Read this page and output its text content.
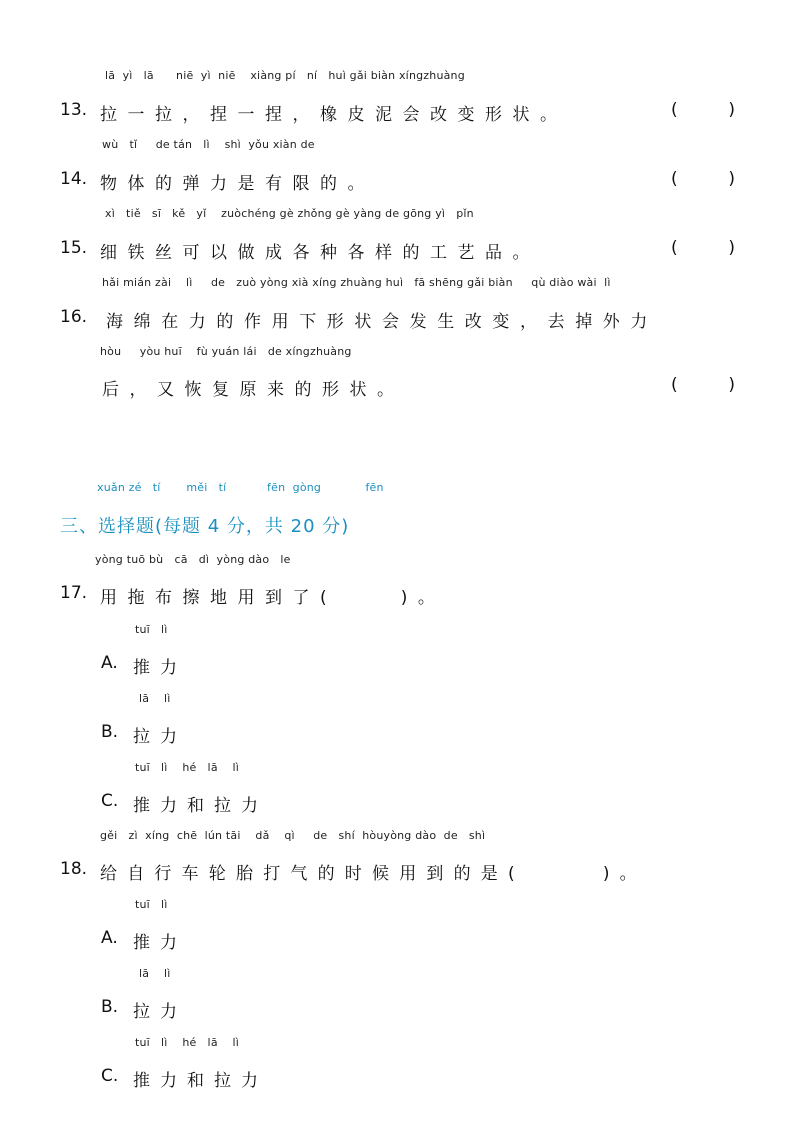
lā  yì   lā      niē  yì  niē    xiàng pí   ní   huì gǎi biàn xíngzhuàng
13. 拉一拉，捏一捏，橡皮泥会改变形状。	(	)
wù   tǐ     de tán   lì    shì  yǒu xiàn de
14. 物体的弹力是有限的。	(	)
xì   tiě   sī   kě   yǐ    zuòchéng gè zhǒng gè yàng de gōng yì   pǐn
15. 细铁丝可以做成各种各样的工艺品。	(	)
hǎi mián zài    lì     de   zuò yòng xià xíng zhuàng huì   fā shēng gǎi biàn     qù diào wài  lì
16. 海绵在力的作用下形状会发生改变，去掉外力
hòu     yòu huī    fù yuán lái   de xíngzhuàng
后，又恢复原来的形状。	(	)
xuǎn zé   tí       měi   tí           fēn  gòng            fēn
三、选择题(每题 4 分，共 20 分)
yòng tuō bù   cā   dì  yòng dào   le
17. 用拖布擦地用到了(    )。
tuī   lì
A. 推力
lā    lì
B. 拉力
tuī   lì    hé   lā    lì
C. 推力和拉力
gěi   zì  xíng  chē  lún tāi    dǎ    qì     de   shí  hòuyòng dào  de   shì
18. 给自行车轮胎打气的时候用到的是(     )。
tuī   lì
A. 推力
lā    lì
B. 拉力
tuī   lì    hé   lā    lì
C. 推力和拉力
